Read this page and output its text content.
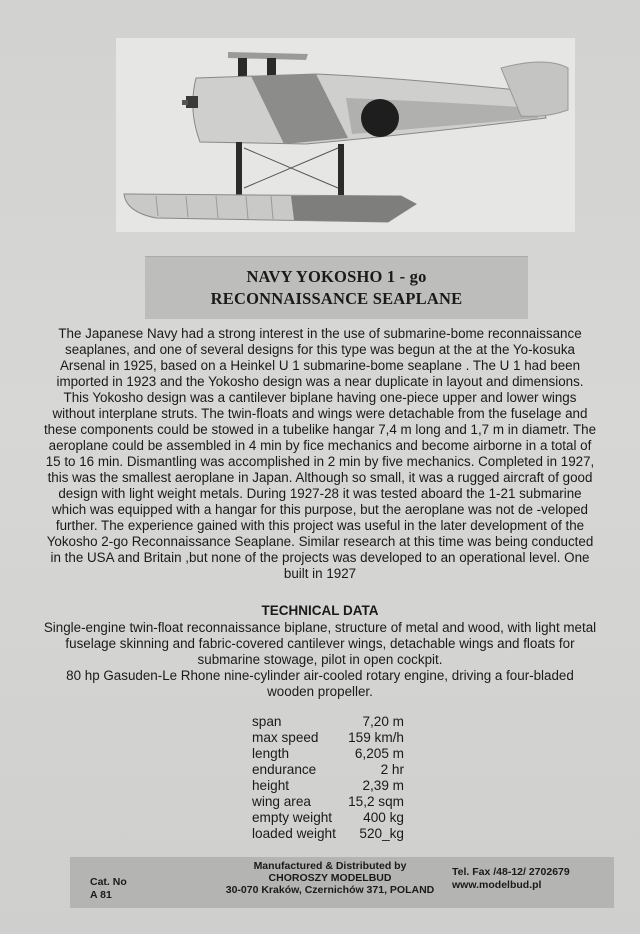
NAVY YOKOSHO 1 - go
RECONNAISSANCE SEAPLANE
The Japanese Navy had a strong interest in the use of submarine-bome reconnaissance
seaplanes, and one of several designs for this type was begun at the at the Yo-kosuka
Arsenal in 1925, based on a Heinkel U 1 submarine-bome seaplane . The U 1 had been
imported in 1923 and the Yokosho design was a near duplicate in layout and dimensions.
This Yokosho design was a cantilever biplane having one-piece upper and lower wings
without interplane struts. The twin-floats and wings were detachable from the fuselage and
these components could be stowed in a tubelike hangar 7,4 m long and 1,7 m in diametr. The
aeroplane could be assembled in 4 min by fice mechanics and become airborne in a total of
15 to 16 min. Dismantling was accomplished in 2 min by five mechanics. Completed in 1927,
this was the smallest aeroplane in Japan. Although so small, it was a rugged aircraft of good
design with light weight metals. During 1927-28 it was tested aboard the 1-21 submarine
which was equipped with a hangar for this purpose, but the aeroplane was not de -veloped
further. The experience gained with this project was useful in the later development of the
Yokosho 2-go Reconnaissance Seaplane. Similar research at this time was being conducted
in the USA and Britain ,but none of the projects was developed to an operational level. One
built in 1927
TECHNICAL DATA
Single-engine twin-float reconnaissance biplane, structure of metal and wood, with light metal
fuselage skinning and fabric-covered cantilever wings, detachable wings and floats for
submarine stowage, pilot in open cockpit.
80 hp Gasuden-Le Rhone nine-cylinder air-cooled rotary engine, driving a four-bladed
wooden propeller.
span	7,20 m
max speed 159 km/h
length	6,205 m
endurance	2 hr
height	2,39 m
wing area	15,2 sqm
empty weight 400 kg
loaded weight 520_kg
Cat. No
A 81
Manufactured & Distributed by
CHOROSZY MODELBUD
30-070 Kraków, Czernichów 371, POLAND
Tel. Fax /48-12/ 2702679
www.modelbud.pl
